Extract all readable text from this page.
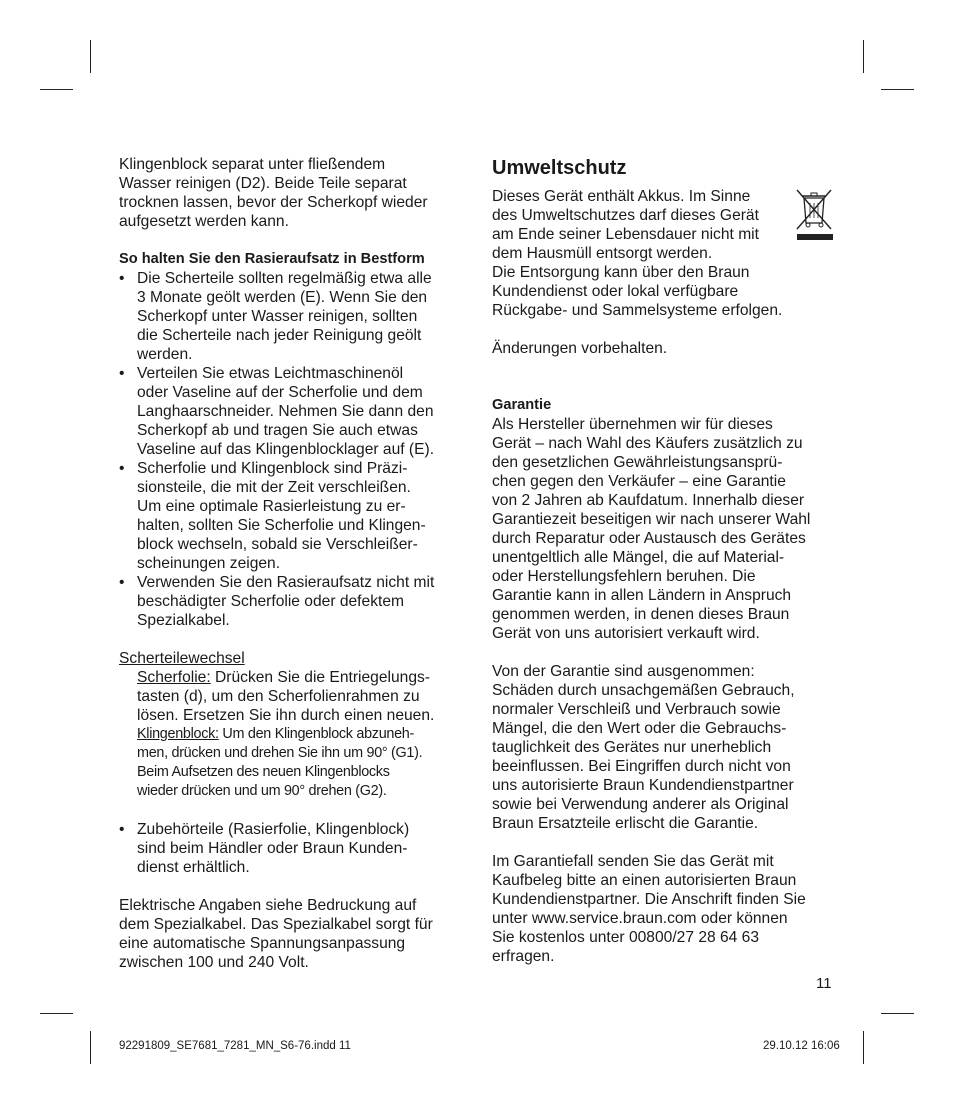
Klingenblock separat unter fließendem

Wasser reinigen (D2). Beide Teile separat

trocknen lassen, bevor der Scherkopf wieder

aufgesetzt werden kann.

So halten Sie den Rasieraufsatz in Bestform

• Die Scherteile sollten regelmäßig etwa alle

3 Monate geölt werden (E). Wenn Sie den

Scherkopf unter Wasser reinigen, sollten

die Scherteile nach jeder Reinigung geölt

werden.

• Verteilen Sie etwas Leichtmaschinenöl

oder Vaseline auf der Scherfolie und dem

Langhaarschneider. Nehmen Sie dann den

Scherkopf ab und tragen Sie auch etwas

Vaseline auf das Klingenblocklager auf (E).

• Scherfolie und Klingenblock sind Präzi-

sionsteile, die mit der Zeit verschleißen.

Um eine optimale Rasierleistung zu er-

halten, sollten Sie Scherfolie und Klingen-

block wechseln, sobald sie Verschleißer-

scheinungen zeigen.

• Verwenden Sie den Rasieraufsatz nicht mit

beschädigter Scherfolie oder defektem

Spezialkabel.

Scherteilewechsel

Scherfolie: Drücken Sie die Entriegelungs-

tasten (d), um den Scherfolienrahmen zu

lösen. Ersetzen Sie ihn durch einen neuen.

Klingenblock: Um den Klingenblock abzuneh-

men, drücken und drehen Sie ihn um 90° (G1).

Beim Aufsetzen des neuen Klingenblocks

wieder drücken und um 90° drehen (G2).

• Zubehörteile (Rasierfolie, Klingenblock)

sind beim Händler oder Braun Kunden-

dienst erhältlich.

Elektrische Angaben siehe Bedruckung auf

dem Spezialkabel. Das Spezialkabel sorgt für

eine automatische Spannungsanpassung

zwischen 100 und 240 Volt.

Umweltschutz

Dieses Gerät enthält Akkus. Im Sinne

des Umweltschutzes darf dieses Gerät

am Ende seiner Lebensdauer nicht mit

dem Hausmüll entsorgt werden.

Die Entsorgung kann über den Braun

Kundendienst oder lokal verfügbare

Rückgabe- und Sammelsysteme erfolgen.

Änderungen vorbehalten.

Garantie

Als Hersteller übernehmen wir für dieses

Gerät – nach Wahl des Käufers zusätzlich zu

den gesetzlichen Gewährleistungsansprü-

chen gegen den Verkäufer – eine Garantie

von 2 Jahren ab Kaufdatum. Innerhalb dieser

Garantiezeit beseitigen wir nach unserer Wahl

durch Reparatur oder Austausch des Gerätes

unentgeltlich alle Mängel, die auf Material-

oder Herstellungsfehlern beruhen. Die

Garantie kann in allen Ländern in Anspruch

genommen werden, in denen dieses Braun

Gerät von uns autorisiert verkauft wird.

Von der Garantie sind ausgenommen:

Schäden durch unsachgemäßen Gebrauch,

normaler Verschleiß und Verbrauch sowie

Mängel, die den Wert oder die Gebrauchs-

tauglichkeit des Gerätes nur unerheblich

beeinflussen. Bei Eingriffen durch nicht von

uns autorisierte Braun Kundendienstpartner

sowie bei Verwendung anderer als Original

Braun Ersatzteile erlischt die Garantie.

Im Garantiefall senden Sie das Gerät mit

Kaufbeleg bitte an einen autorisierten Braun

Kundendienstpartner. Die Anschrift finden Sie

unter www.service.braun.com oder können

Sie kostenlos unter 00800/27 28 64 63

erfragen.

11
92291809_SE7681_7281_MN_S6-76.indd 11	29.10.12 16:06
